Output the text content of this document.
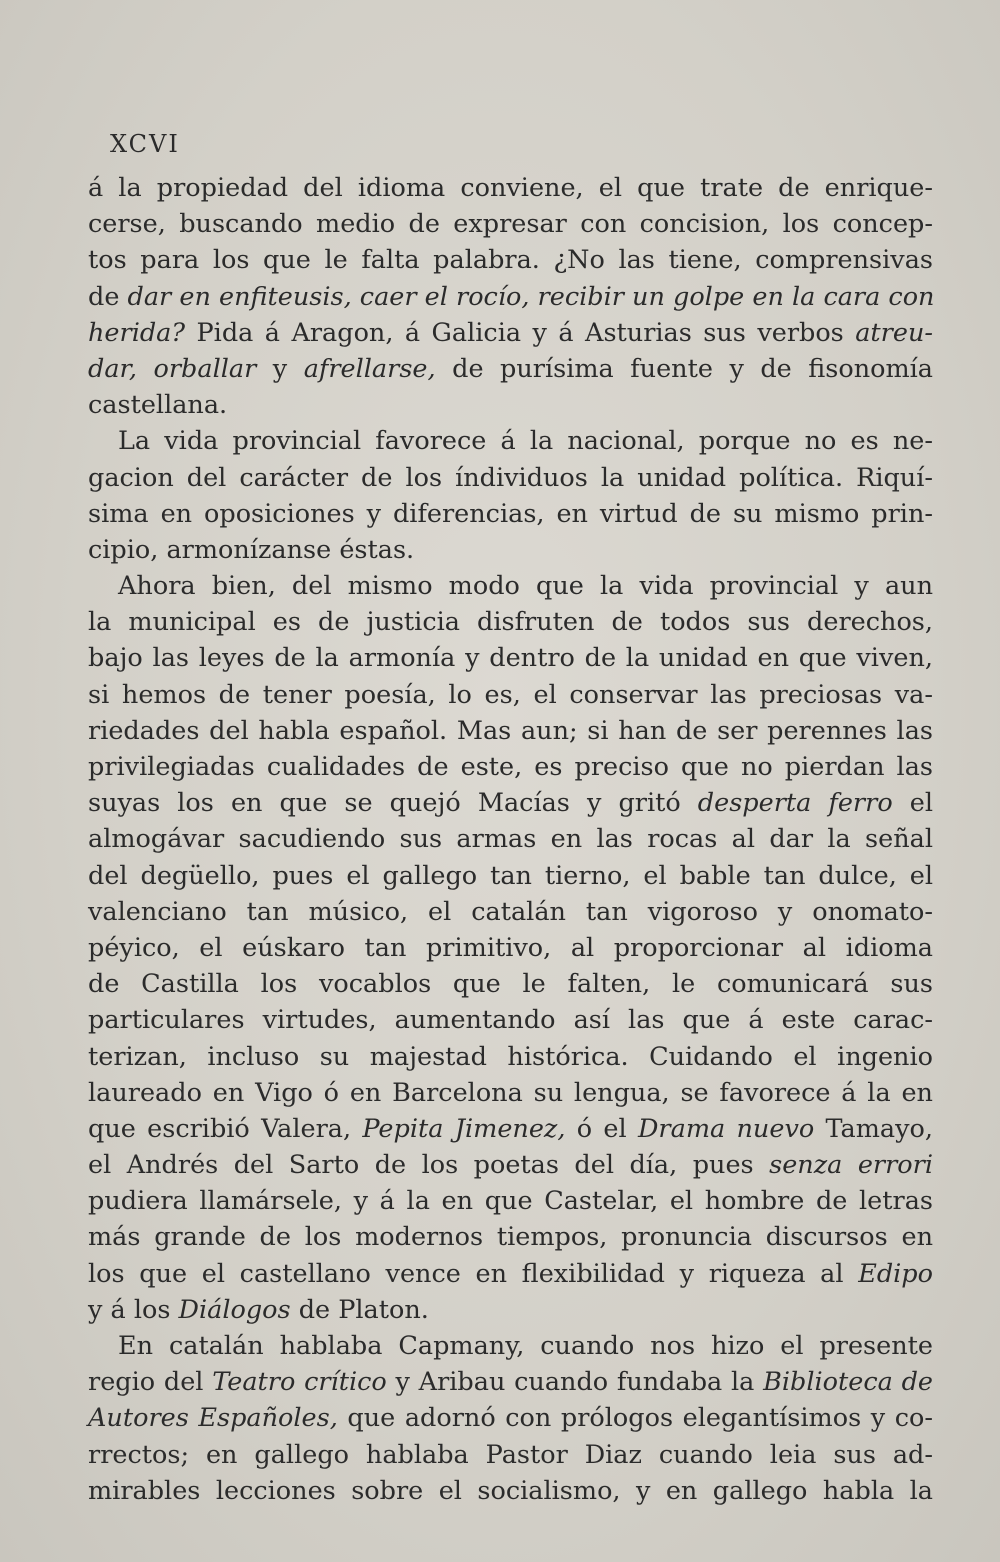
XCVI
á la propiedad del idioma conviene, el que trate de enrique-
cerse, buscando medio de expresar con concision, los concep-
tos para los que le falta palabra. ¿No las tiene, comprensivas
de dar en enfiteusis, caer el rocío, recibir un golpe en la cara con
herida? Pida á Aragon, á Galicia y á Asturias sus verbos atreu-
dar, orballar y afrellarse, de purísima fuente y de fisonomía
castellana.
La vida provincial favorece á la nacional, porque no es ne-
gacion del carácter de los índividuos la unidad política. Riquí-
sima en oposiciones y diferencias, en virtud de su mismo prin-
cipio, armonízanse éstas.
Ahora bien, del mismo modo que la vida provincial y aun
la municipal es de justicia disfruten de todos sus derechos,
bajo las leyes de la armonía y dentro de la unidad en que viven,
si hemos de tener poesía, lo es, el conservar las preciosas va-
riedades del habla español. Mas aun; si han de ser perennes las
privilegiadas cualidades de este, es preciso que no pierdan las
suyas los en que se quejó Macías y gritó desperta ferro el
almogávar sacudiendo sus armas en las rocas al dar la señal
del degüello, pues el gallego tan tierno, el bable tan dulce, el
valenciano tan músico, el catalán tan vigoroso y onomato-
péyico, el eúskaro tan primitivo, al proporcionar al idioma
de Castilla los vocablos que le falten, le comunicará sus
particulares virtudes, aumentando así las que á este carac-
terizan, incluso su majestad histórica. Cuidando el ingenio
laureado en Vigo ó en Barcelona su lengua, se favorece á la en
que escribió Valera, Pepita Jimenez, ó el Drama nuevo Tamayo,
el Andrés del Sarto de los poetas del día, pues senza errori
pudiera llamársele, y á la en que Castelar, el hombre de letras
más grande de los modernos tiempos, pronuncia discursos en
los que el castellano vence en flexibilidad y riqueza al Edipo
y á los Diálogos de Platon.
En catalán hablaba Capmany, cuando nos hizo el presente
regio del Teatro crítico y Aribau cuando fundaba la Biblioteca de
Autores Españoles, que adornó con prólogos elegantísimos y co-
rrectos; en gallego hablaba Pastor Diaz cuando leia sus ad-
mirables lecciones sobre el socialismo, y en gallego habla la
